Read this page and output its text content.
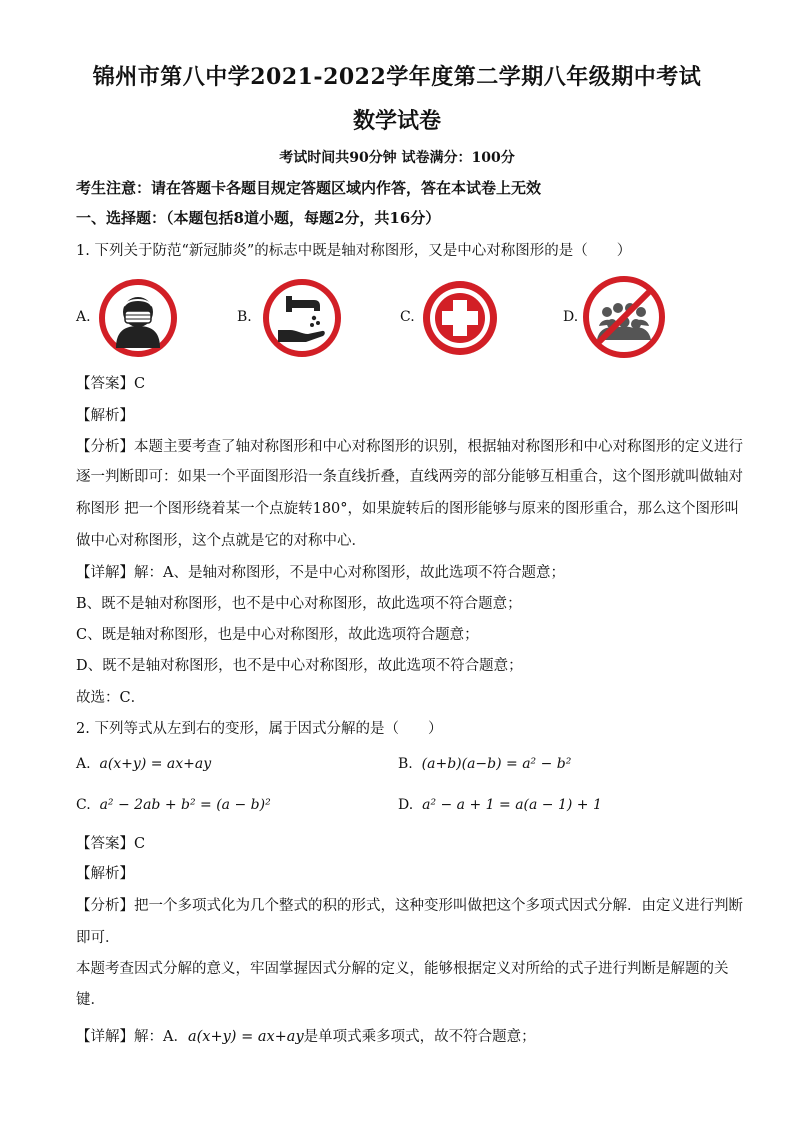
锦州市第八中学2021-2022学年度第二学期八年级期中考试
数学试卷
考试时间共90分钟 试卷满分：100分
考生注意：请在答题卡各题目规定答题区域内作答，答在本试卷上无效
一、选择题：（本题包括8道小题，每题2分，共16分）
1. 下列关于防范“新冠肺炎”的标志中既是轴对称图形，又是中心对称图形的是（　　）
A.	B.	C.	D.
【答案】C
【解析】
【分析】本题主要考查了轴对称图形和中心对称图形的识别，根据轴对称图形和中心对称图形的定义进行
逐一判断即可：如果一个平面图形沿一条直线折叠，直线两旁的部分能够互相重合，这个图形就叫做轴对
称图形 把一个图形绕着某一个点旋转180°，如果旋转后的图形能够与原来的图形重合，那么这个图形叫
做中心对称图形，这个点就是它的对称中心．
【详解】解：A、是轴对称图形，不是中心对称图形，故此选项不符合题意；
B、既不是轴对称图形，也不是中心对称图形，故此选项不符合题意；
C、既是轴对称图形，也是中心对称图形，故此选项符合题意；
D、既不是轴对称图形，也不是中心对称图形，故此选项不符合题意；
故选：C．
2. 下列等式从左到右的变形，属于因式分解的是（　　）
A. a(x+y) = ax+ay	B. (a+b)(a−b) = a² − b²
C. a² − 2ab + b² = (a − b)²	D. a² − a + 1 = a(a − 1) + 1
【答案】C
【解析】
【分析】把一个多项式化为几个整式的积的形式，这种变形叫做把这个多项式因式分解．由定义进行判断
即可．
本题考查因式分解的意义，牢固掌握因式分解的定义，能够根据定义对所给的式子进行判断是解题的关
键．
【详解】解：A．a(x+y) = ax+ay是单项式乘多项式，故不符合题意；
